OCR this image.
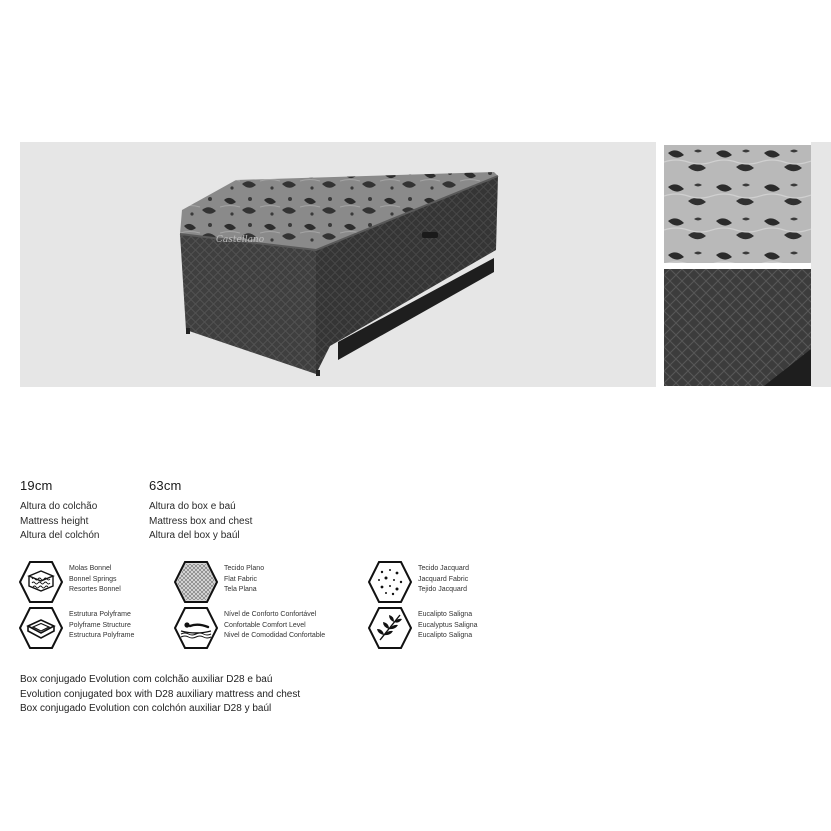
Castellano
19cm
Altura do colchão
Mattress height
Altura del colchón
63cm
Altura do box e baú
Mattress box and chest
Altura del box y baúl
Molas Bonnel
Bonnel Springs
Resortes Bonnel
Tecido Plano
Flat Fabric
Tela Plana
Tecido Jacquard
Jacquard Fabric
Tejido Jacquard
Estrutura Polyframe
Polyframe Structure
Estructura Polyframe
Nível de Conforto Confortável
Confortable Comfort Level
Nivel de Comodidad Confortable
Eucalipto Saligna
Eucalyptus Saligna
Eucalipto Saligna
Box conjugado Evolution com colchão auxiliar D28 e baú
Evolution conjugated box with D28 auxiliary mattress and chest
Box conjugado Evolution con colchón auxiliar D28 y baúl
